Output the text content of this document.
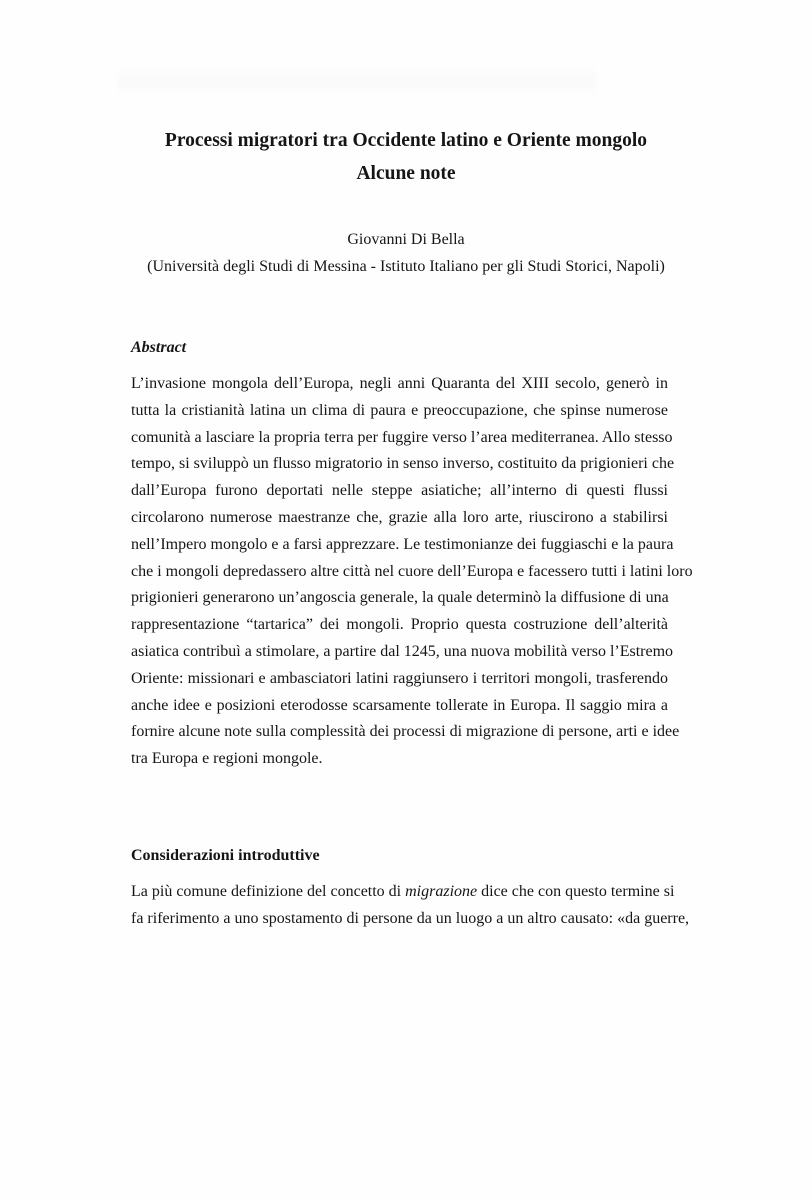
Processi migratori tra Occidente latino e Oriente mongolo

Alcune note

Giovanni Di Bella
(Università degli Studi di Messina - Istituto Italiano per gli Studi Storici, Napoli)
Abstract
L’invasione mongola dell’Europa, negli anni Quaranta del XIII secolo, generò in
tutta la cristianità latina un clima di paura e preoccupazione, che spinse numerose
comunità a lasciare la propria terra per fuggire verso l’area mediterranea. Allo stesso
tempo, si sviluppò un flusso migratorio in senso inverso, costituito da prigionieri che
dall’Europa furono deportati nelle steppe asiatiche; all’interno di questi flussi
circolarono numerose maestranze che, grazie alla loro arte, riuscirono a stabilirsi
nell’Impero mongolo e a farsi apprezzare. Le testimonianze dei fuggiaschi e la paura
che i mongoli depredassero altre città nel cuore dell’Europa e facessero tutti i latini loro
prigionieri generarono un’angoscia generale, la quale determinò la diffusione di una
rappresentazione “tartarica” dei mongoli. Proprio questa costruzione dell’alterità
asiatica contribuì a stimolare, a partire dal 1245, una nuova mobilità verso l’Estremo
Oriente: missionari e ambasciatori latini raggiunsero i territori mongoli, trasferendo
anche idee e posizioni eterodosse scarsamente tollerate in Europa. Il saggio mira a
fornire alcune note sulla complessità dei processi di migrazione di persone, arti e idee
tra Europa e regioni mongole.
Considerazioni introduttive
La più comune definizione del concetto di migrazione dice che con questo termine si
fa riferimento a uno spostamento di persone da un luogo a un altro causato: «da guerre,
